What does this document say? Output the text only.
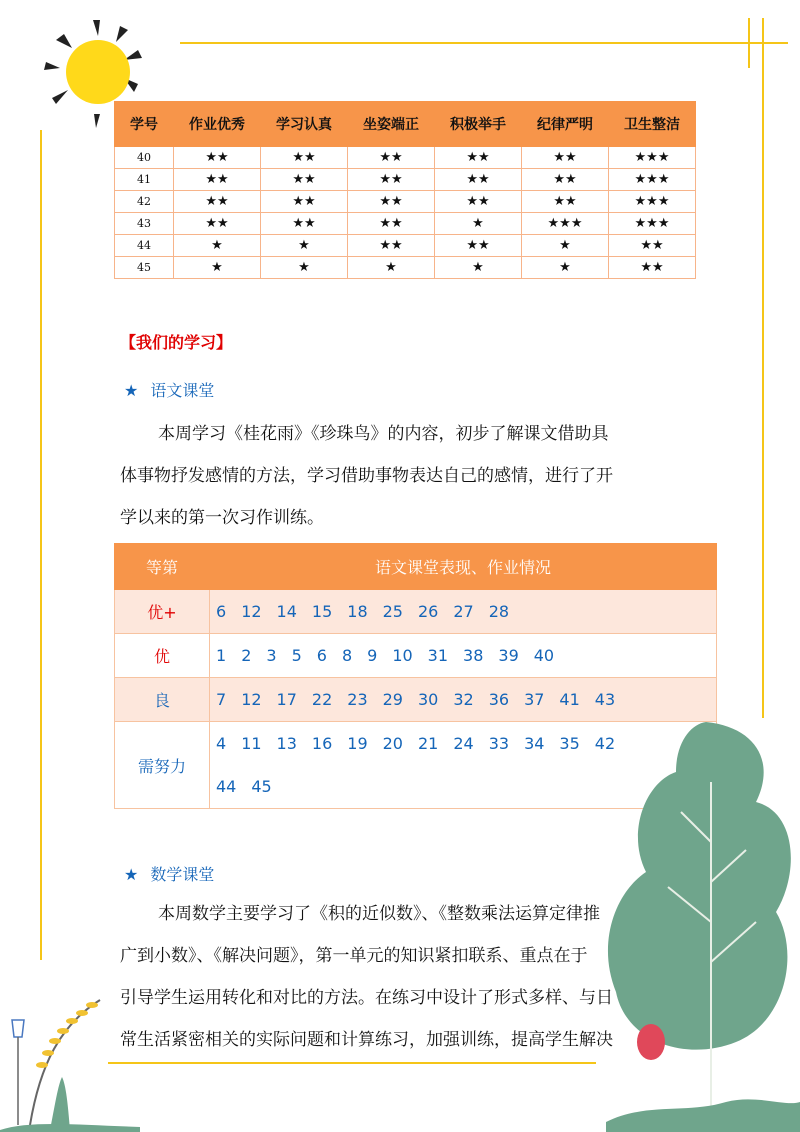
学号	作业优秀	学习认真	坐姿端正	积极举手	纪律严明	卫生整洁
40	★★	★★	★★	★★	★★	★★★
41	★★	★★	★★	★★	★★	★★★
42	★★	★★	★★	★★	★★	★★★
43	★★	★★	★★	★	★★★	★★★
44	★	★	★★	★★	★	★★
45	★	★	★	★	★	★★
【我们的学习】
★ 语文课堂

本周学习《桂花雨》《珍珠鸟》的内容，初步了解课文借助具

体事物抒发感情的方法，学习借助事物表达自己的感情，进行了开

学以来的第一次习作训练。

等第	语文课堂表现、作业情况
优+	6 12 14 15 18 25 26 27 28
优	1 2 3 5 6 8 9 10 31 38 39 40
良	7 12 17 22 23 29 30 32 36 37 41 43
需努力	4 11 13 16 19 20 21 24 33 34 35 42
44 45
★ 数学课堂

本周数学主要学习了《积的近似数》、《整数乘法运算定律推

广到小数》、《解决问题》，第一单元的知识紧扣联系、重点在于

引导学生运用转化和对比的方法。在练习中设计了形式多样、与日

常生活紧密相关的实际问题和计算练习，加强训练，提高学生解决
